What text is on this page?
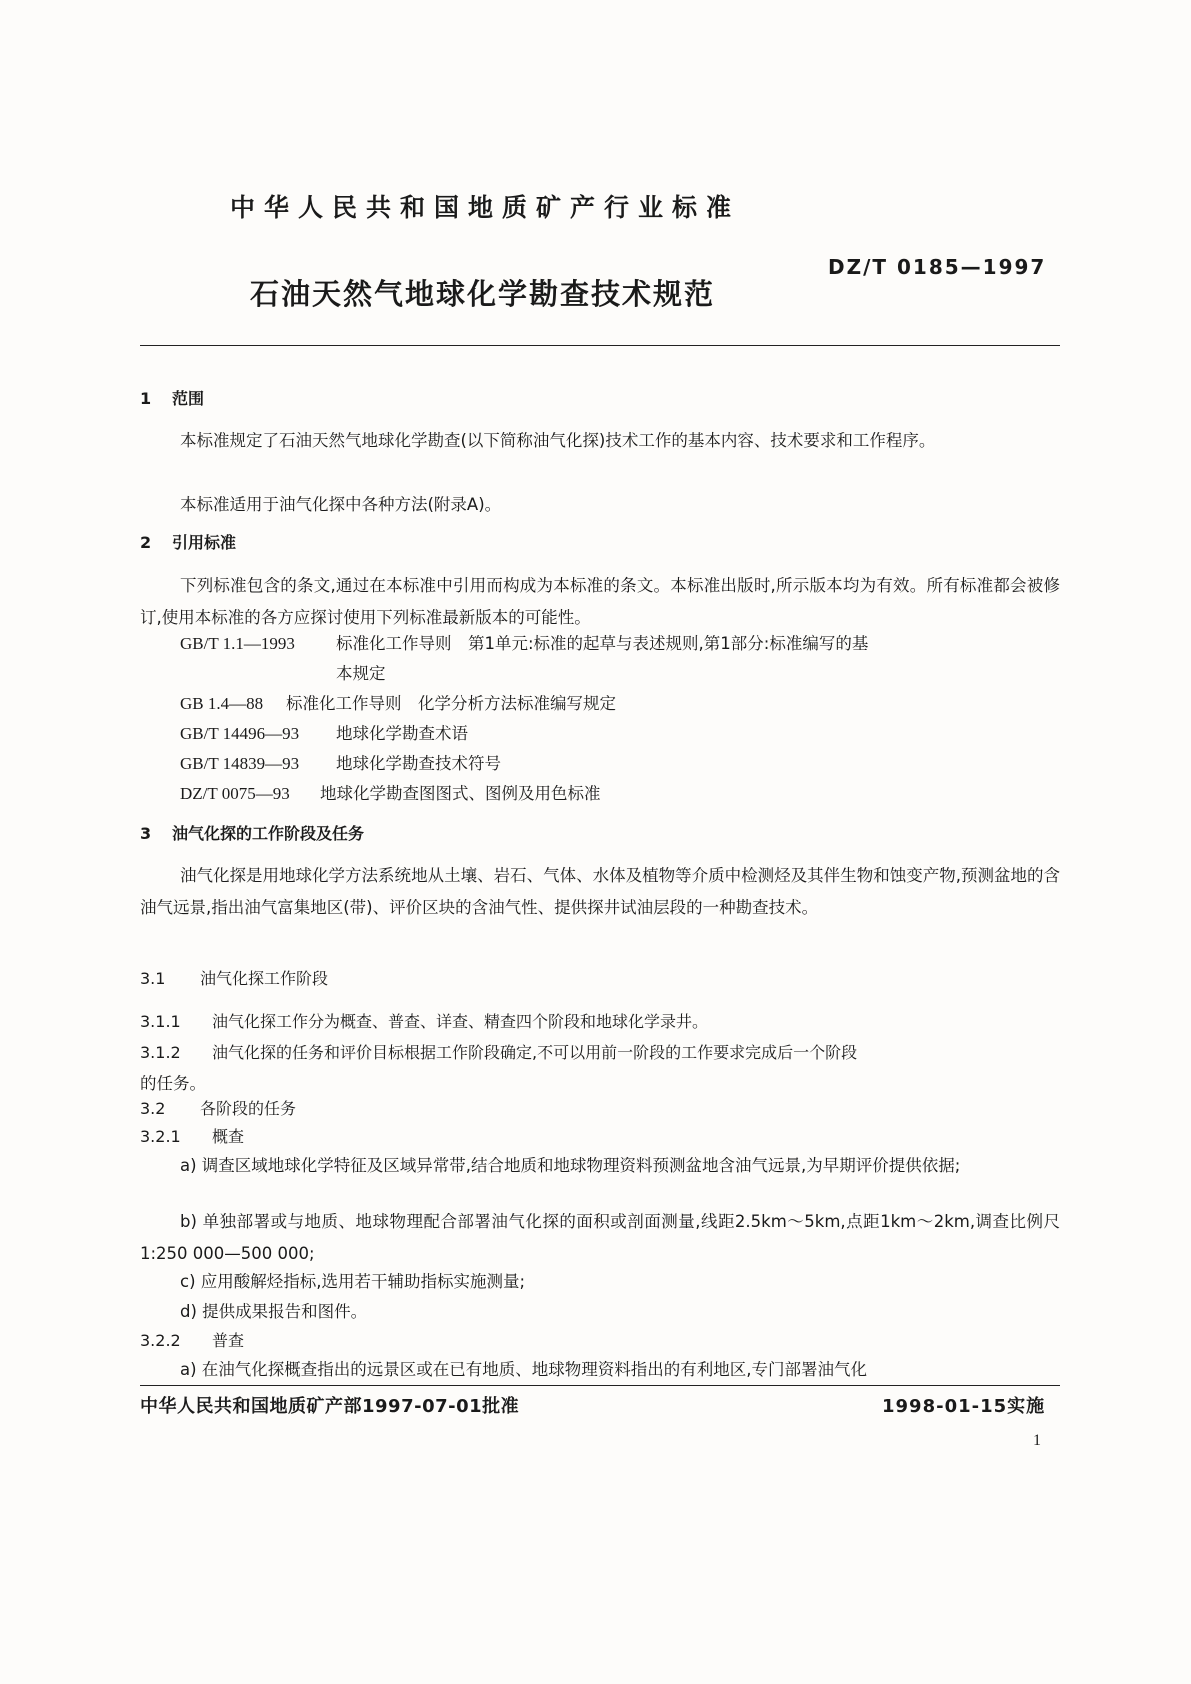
中华人民共和国地质矿产行业标准
DZ/T 0185—1997
石油天然气地球化学勘查技术规范
1 范围
本标准规定了石油天然气地球化学勘查(以下简称油气化探)技术工作的基本内容、技术要求和工作程序。
本标准适用于油气化探中各种方法(附录A)。
2 引用标准
下列标准包含的条文,通过在本标准中引用而构成为本标准的条文。本标准出版时,所示版本均为有效。所有标准都会被修订,使用本标准的各方应探讨使用下列标准最新版本的可能性。
GB/T 1.1—1993 标准化工作导则　第1单元:标准的起草与表述规则,第1部分:标准编写的基
本规定
GB 1.4—88 标准化工作导则　化学分析方法标准编写规定
GB/T 14496—93 地球化学勘查术语
GB/T 14839—93 地球化学勘查技术符号
DZ/T 0075—93 地球化学勘查图图式、图例及用色标准
3 油气化探的工作阶段及任务
油气化探是用地球化学方法系统地从土壤、岩石、气体、水体及植物等介质中检测烃及其伴生物和蚀变产物,预测盆地的含油气远景,指出油气富集地区(带)、评价区块的含油气性、提供探井试油层段的一种勘查技术。
3.1 油气化探工作阶段
3.1.1 油气化探工作分为概查、普查、详查、精查四个阶段和地球化学录井。
3.1.2 油气化探的任务和评价目标根据工作阶段确定,不可以用前一阶段的工作要求完成后一个阶段
的任务。
3.2 各阶段的任务
3.2.1 概查
a) 调查区域地球化学特征及区域异常带,结合地质和地球物理资料预测盆地含油气远景,为早期评价提供依据;
b) 单独部署或与地质、地球物理配合部署油气化探的面积或剖面测量,线距2.5km～5km,点距1km～2km,调查比例尺1:250 000—500 000;
c) 应用酸解烃指标,选用若干辅助指标实施测量;
d) 提供成果报告和图件。
3.2.2 普查
a) 在油气化探概查指出的远景区或在已有地质、地球物理资料指出的有利地区,专门部署油气化
中华人民共和国地质矿产部1997-07-01批准	1998-01-15实施
1
